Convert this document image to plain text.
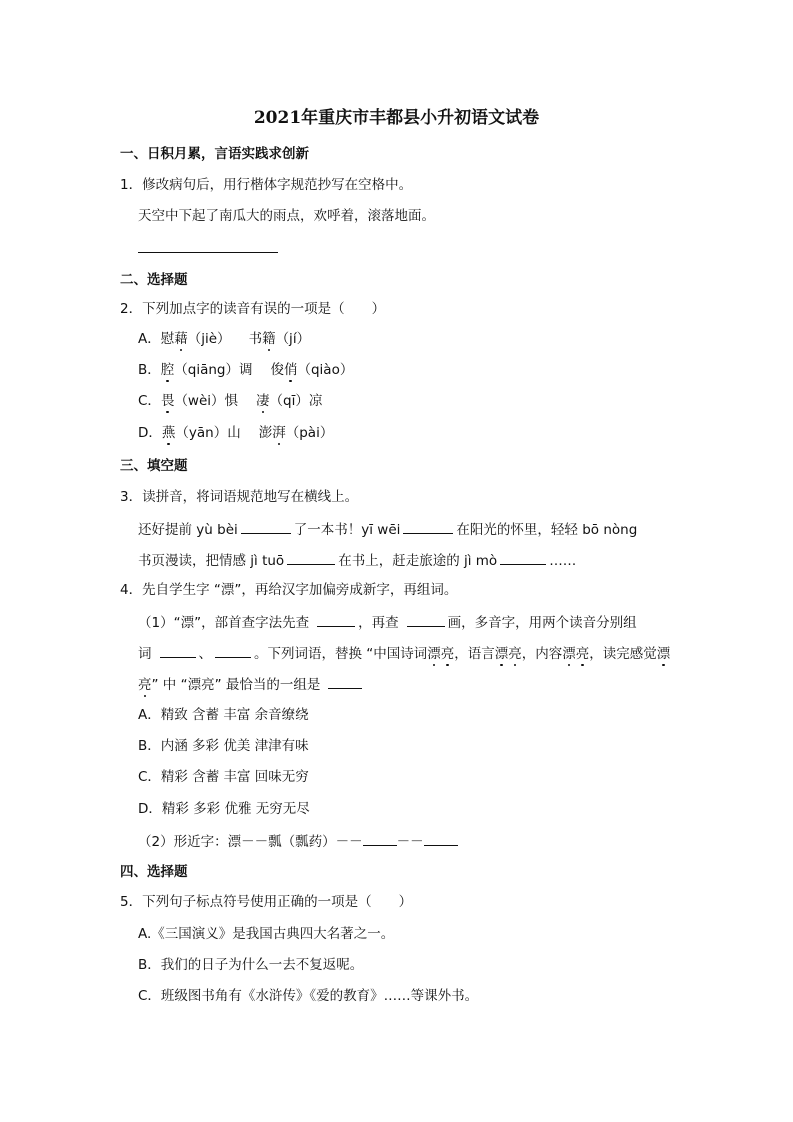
2021年重庆市丰都县小升初语文试卷
一、日积月累，言语实践求创新
1．修改病句后，用行楷体字规范抄写在空格中。
天空中下起了南瓜大的雨点，欢呼着，滚落地面。
二、选择题
2．下列加点字的读音有误的一项是（　　）
A．慰藉（jiè） 书籍（jí）
B．腔（qiāng）调 俊俏（qiào）
C．畏（wèi）惧 凄（qī）凉
D．燕（yān）山 澎湃（pài）
三、填空题
3．读拼音，将词语规范地写在横线上。
还好提前 yù bèi	了一本书！yī wēi	在阳光的怀里，轻轻 bō nòng
书页漫读，把情感 jì tuō	在书上，赶走旅途的 jì mò	……
4．先自学生字 “漂”，再给汉字加偏旁成新字，再组词。
（1）“漂”，部首查字法先查	，再查	画，多音字，用两个读音分别组
词	、	。下列词语，替换 “中国诗词漂亮，语言漂亮，内容漂亮，读完感觉漂
亮” 中 “漂亮” 最恰当的一组是
A．精致 含蓄 丰富 余音缭绕
B．内涵 多彩 优美 津津有味
C．精彩 含蓄 丰富 回味无穷
D．精彩 多彩 优雅 无穷无尽
（2）形近字：漂－－瓢（瓢药）－－	－－
四、选择题
5．下列句子标点符号使用正确的一项是（　　）
A.《三国演义》是我国古典四大名著之一。
B．我们的日子为什么一去不复返呢。
C．班级图书角有《水浒传》《爱的教育》……等课外书。
